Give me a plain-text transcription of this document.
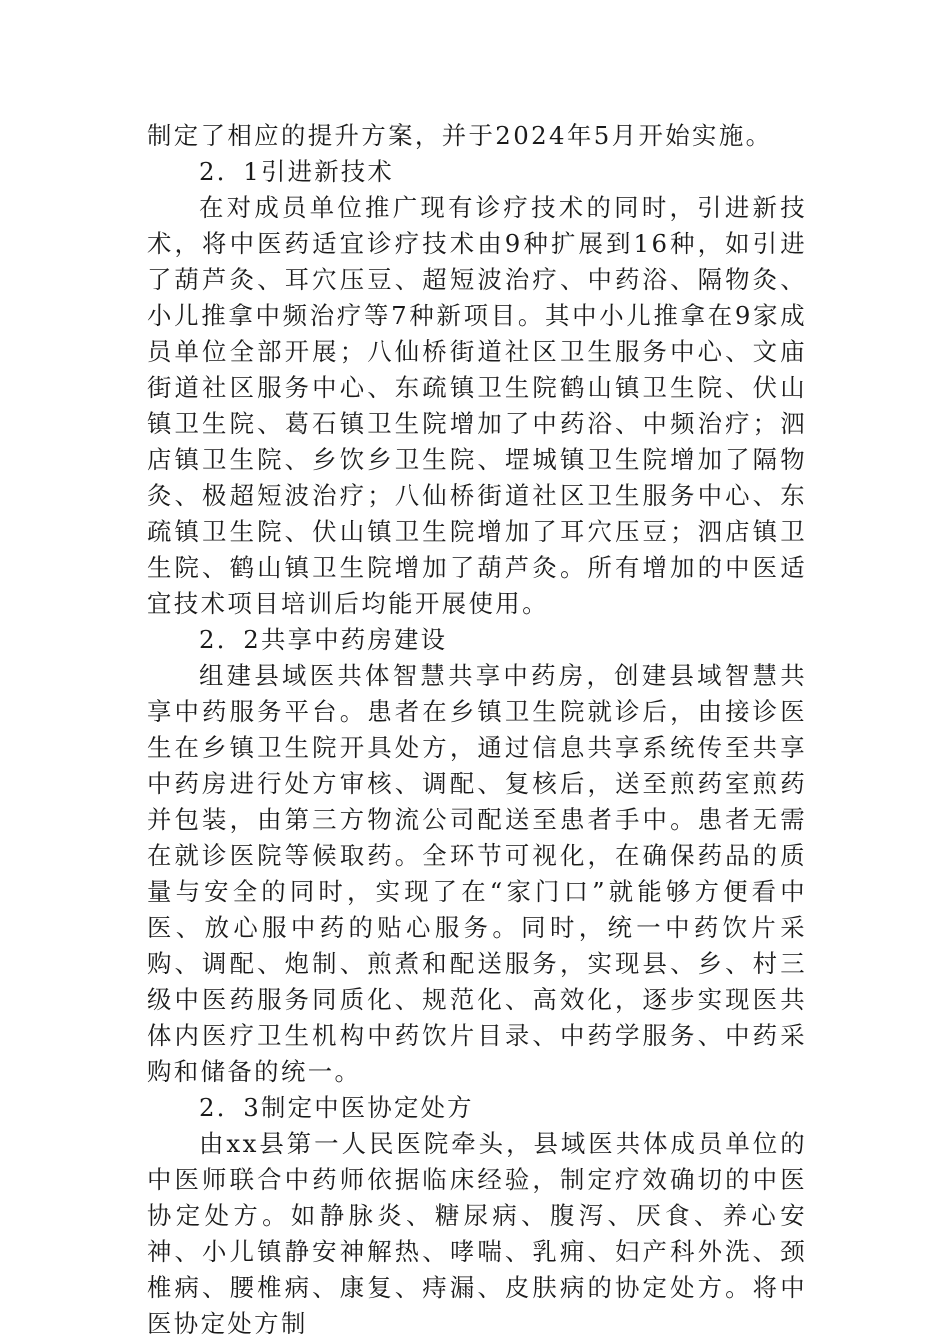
制定了相应的提升方案，并于2024年5月开始实施。

2．1引进新技术

在对成员单位推广现有诊疗技术的同时，引进新技术，将中医药适宜诊疗技术由9种扩展到16种，如引进了葫芦灸、耳穴压豆、超短波治疗、中药浴、隔物灸、小儿推拿中频治疗等7种新项目。其中小儿推拿在9家成员单位全部开展；八仙桥街道社区卫生服务中心、文庙街道社区服务中心、东疏镇卫生院鹤山镇卫生院、伏山镇卫生院、葛石镇卫生院增加了中药浴、中频治疗；泗店镇卫生院、乡饮乡卫生院、堽城镇卫生院增加了隔物灸、极超短波治疗；八仙桥街道社区卫生服务中心、东疏镇卫生院、伏山镇卫生院增加了耳穴压豆；泗店镇卫生院、鹤山镇卫生院增加了葫芦灸。所有增加的中医适宜技术项目培训后均能开展使用。

2．2共享中药房建设

组建县域医共体智慧共享中药房，创建县域智慧共享中药服务平台。患者在乡镇卫生院就诊后，由接诊医生在乡镇卫生院开具处方，通过信息共享系统传至共享中药房进行处方审核、调配、复核后，送至煎药室煎药并包装，由第三方物流公司配送至患者手中。患者无需在就诊医院等候取药。全环节可视化，在确保药品的质量与安全的同时，实现了在“家门口”就能够方便看中医、放心服中药的贴心服务。同时，统一中药饮片采购、调配、炮制、煎煮和配送服务，实现县、乡、村三级中医药服务同质化、规范化、高效化，逐步实现医共体内医疗卫生机构中药饮片目录、中药学服务、中药采购和储备的统一。

2．3制定中医协定处方

由xx县第一人民医院牵头，县域医共体成员单位的中医师联合中药师依据临床经验，制定疗效确切的中医协定处方。如静脉炎、糖尿病、腹泻、厌食、养心安神、小儿镇静安神解热、哮喘、乳痈、妇产科外洗、颈椎病、腰椎病、康复、痔漏、皮肤病的协定处方。将中医协定处方制
